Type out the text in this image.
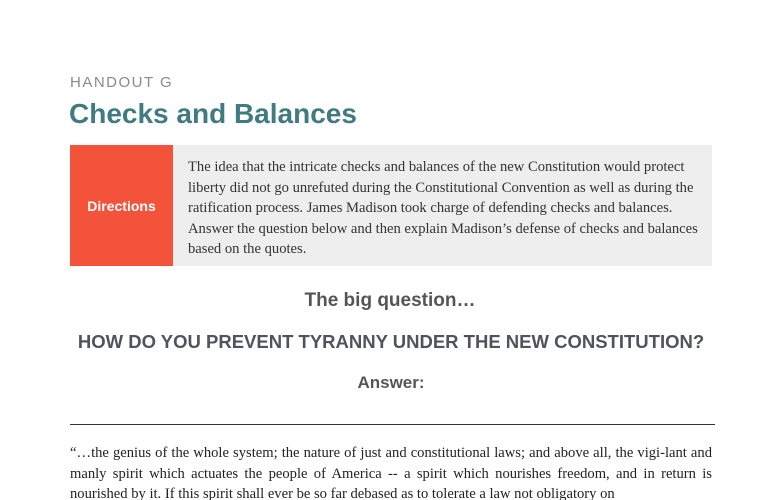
HANDOUT G

Checks and Balances
Directions

The idea that the intricate checks and balances of the new Constitution would protect liberty did not go unrefuted during the Constitutional Convention as well as during the ratification process. James Madison took charge of defending checks and balances. Answer the question below and then explain Madison’s defense of checks and balances based on the quotes.

The big question…
HOW DO YOU PREVENT TYRANNY UNDER THE NEW CONSTITUTION?
Answer:

“…the genius of the whole system; the nature of just and constitutional laws; and above all, the vigi-lant and manly spirit which actuates the people of America -- a spirit which nourishes freedom, and in return is nourished by it. If this spirit shall ever be so far debased as to tolerate a law not obligatory on
